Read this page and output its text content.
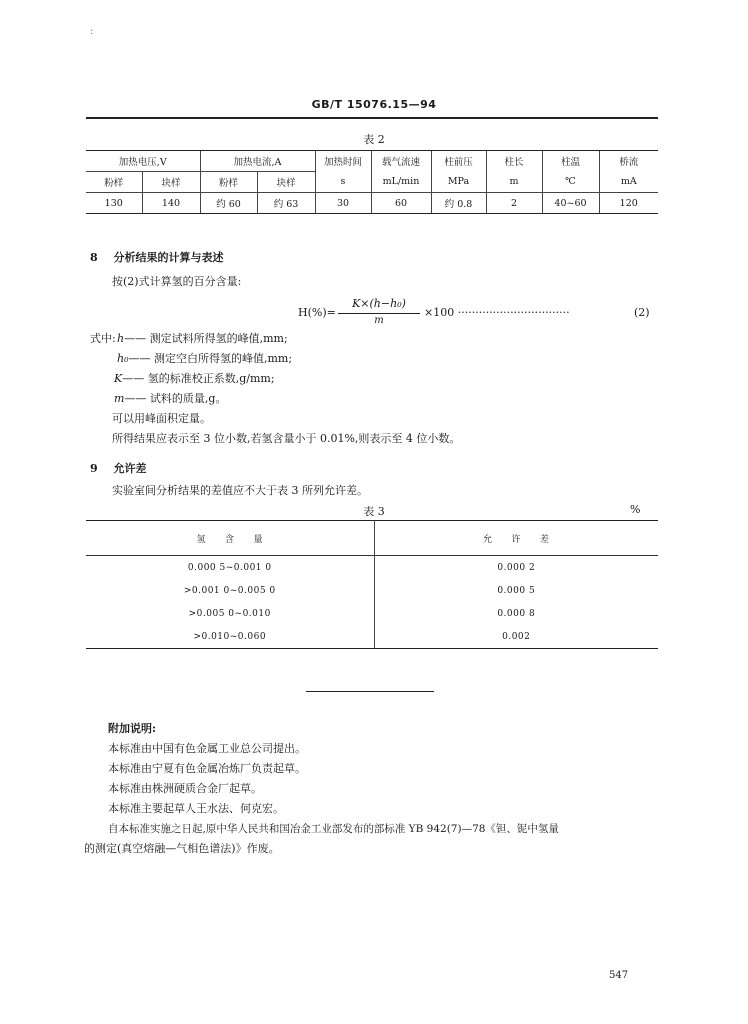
:
GB/T 15076.15—94
表 2
加热电压,V		加热电流,A		加热时间	载气流速	柱前压	柱长	柱温	桥流
粉样	块样	粉样	块样	s	mL/min	MPa	m	℃	mA
130	140	约 60	约 63	30	60	约 0.8	2	40~60	120
8 分析结果的计算与表述
按(2)式计算氢的百分含量:
H(%)=
K×(h−h₀)
m
×100 ································	(2)
式中: h—— 测定试料所得氢的峰值,mm;
h₀—— 测定空白所得氢的峰值,mm;
K—— 氢的标准校正系数,g/mm;
m—— 试料的质量,g。
可以用峰面积定量。
所得结果应表示至 3 位小数,若氢含量小于 0.01%,则表示至 4 位小数。
9 允许差
实验室间分析结果的差值应不大于表 3 所列允许差。
表 3	%
氢　　含　　量	允　　许　　差
0.000 5~0.001 0	0.000 2
>0.001 0~0.005 0	0.000 5
>0.005 0~0.010	0.000 8
>0.010~0.060	0.002
附加说明:
本标准由中国有色金属工业总公司提出。
本标准由宁夏有色金属冶炼厂负责起草。
本标准由株洲硬质合金厂起草。
本标准主要起草人王水法、何克宏。
自本标准实施之日起,原中华人民共和国冶金工业部发布的部标准 YB 942(7)—78《钽、铌中氢量
的测定(真空熔融—气相色谱法)》作废。
547
